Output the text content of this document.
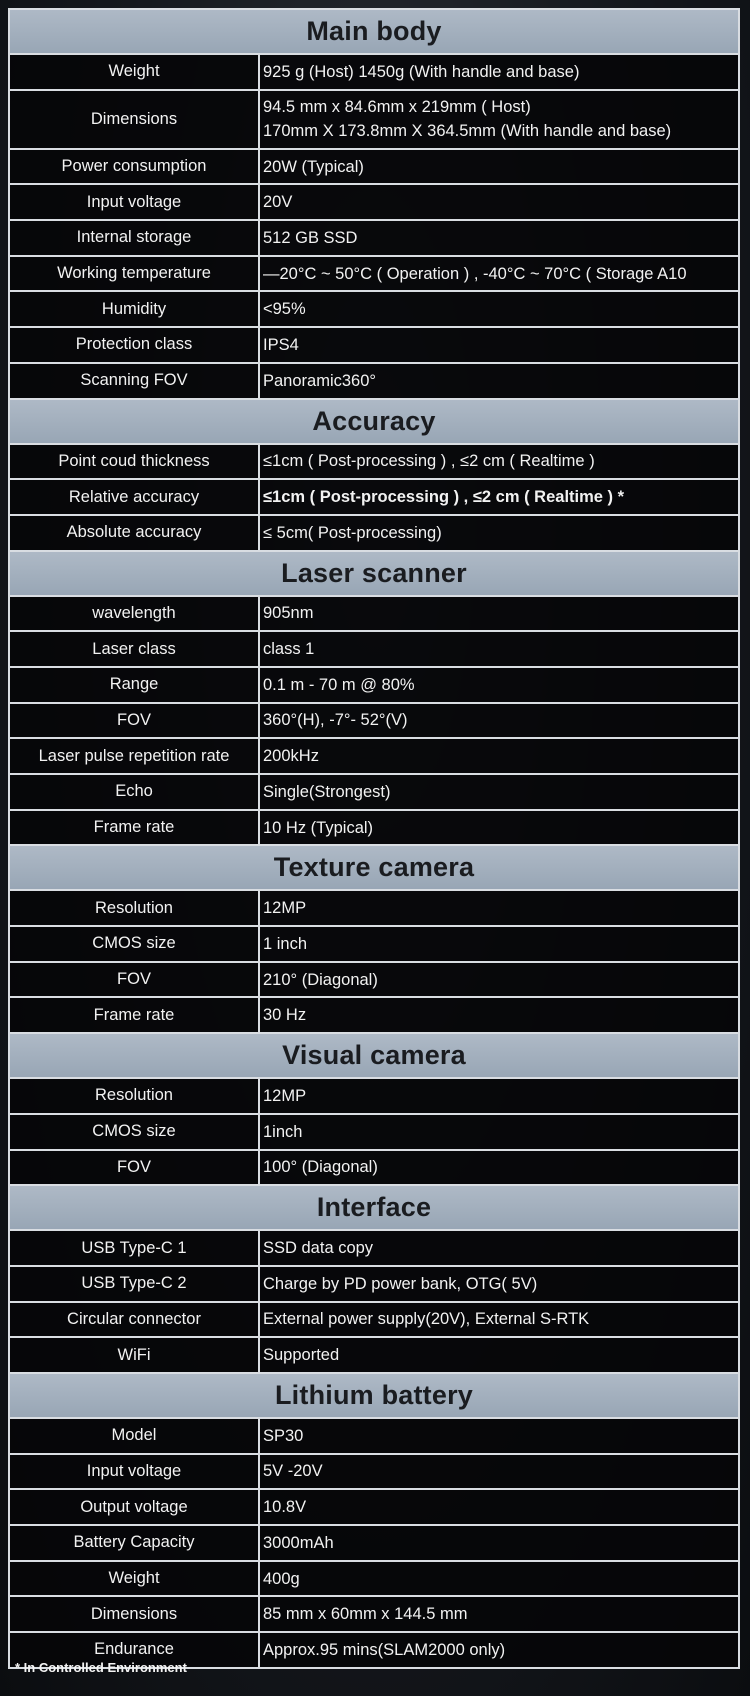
Main body	
Weight	925 g (Host) 1450g (With handle and base)
Dimensions	94.5 mm x 84.6mm x 219mm ( Host)
170mm X 173.8mm X 364.5mm (With handle and base)

Power consumption	20W (Typical)
Input voltage	20V
Internal storage	512 GB SSD
Working temperature	—20°C ~ 50°C ( Operation ) , -40°C ~ 70°C ( Storage A10
Humidity	<95%
Protection class	IPS4
Scanning FOV	Panoramic360°
Accuracy	
Point coud thickness	≤1cm ( Post-processing ) , ≤2 cm ( Realtime )
Relative accuracy	≤1cm ( Post-processing ) , ≤2 cm ( Realtime ) *
Absolute accuracy	≤ 5cm( Post-processing)
Laser scanner	
wavelength	905nm
Laser class	class 1
Range	0.1 m - 70 m @ 80%
FOV	360°(H), -7°- 52°(V)
Laser pulse repetition rate	200kHz
Echo	Single(Strongest)
Frame rate	10 Hz (Typical)
Texture camera	
Resolution	12MP
CMOS size	1 inch
FOV	210° (Diagonal)
Frame rate	30 Hz
Visual camera	
Resolution	12MP
CMOS size	1inch
FOV	100° (Diagonal)
Interface	
USB Type-C 1	SSD data copy
USB Type-C 2	Charge by PD power bank, OTG( 5V)
Circular connector	External power supply(20V), External S-RTK
WiFi	Supported
Lithium battery	
Model	SP30
Input voltage	5V -20V
Output voltage	10.8V
Battery Capacity	3000mAh
Weight	400g
Dimensions	85 mm x 60mm x 144.5 mm
Endurance	Approx.95 mins(SLAM2000 only)
* In Controlled Environment
